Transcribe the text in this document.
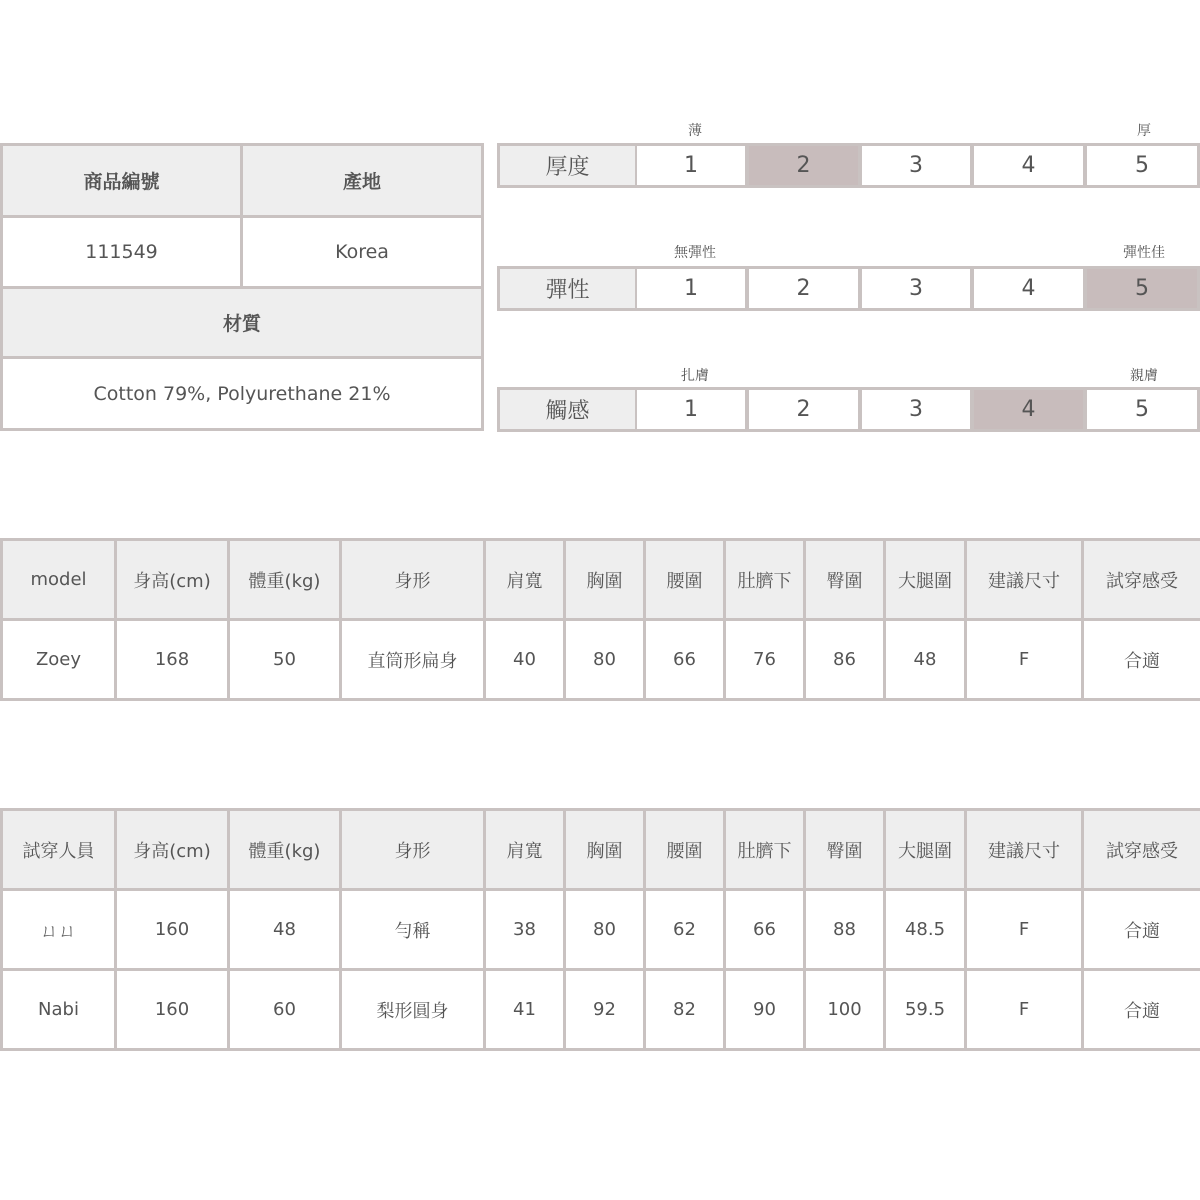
商品編號	產地
111549	Korea
材質
Cotton 79%, Polyurethane 21%
薄	厚
厚度	1	2	3	4	5
無彈性	彈性佳
彈性	1	2	3	4	5
扎膚	親膚
觸感	1	2	3	4	5
model	身高(cm)	體重(kg)	身形	肩寬	胸圍	腰圍	肚臍下	臀圍	大腿圍	建議尺寸	試穿感受
Zoey	168	50	直筒形扁身	40	80	66	76	86	48	F	合適
試穿人員	身高(cm)	體重(kg)	身形	肩寬	胸圍	腰圍	肚臍下	臀圍	大腿圍	建議尺寸	試穿感受
ㄩㄩ	160	48	勻稱	38	80	62	66	88	48.5	F	合適
Nabi	160	60	梨形圓身	41	92	82	90	100	59.5	F	合適
